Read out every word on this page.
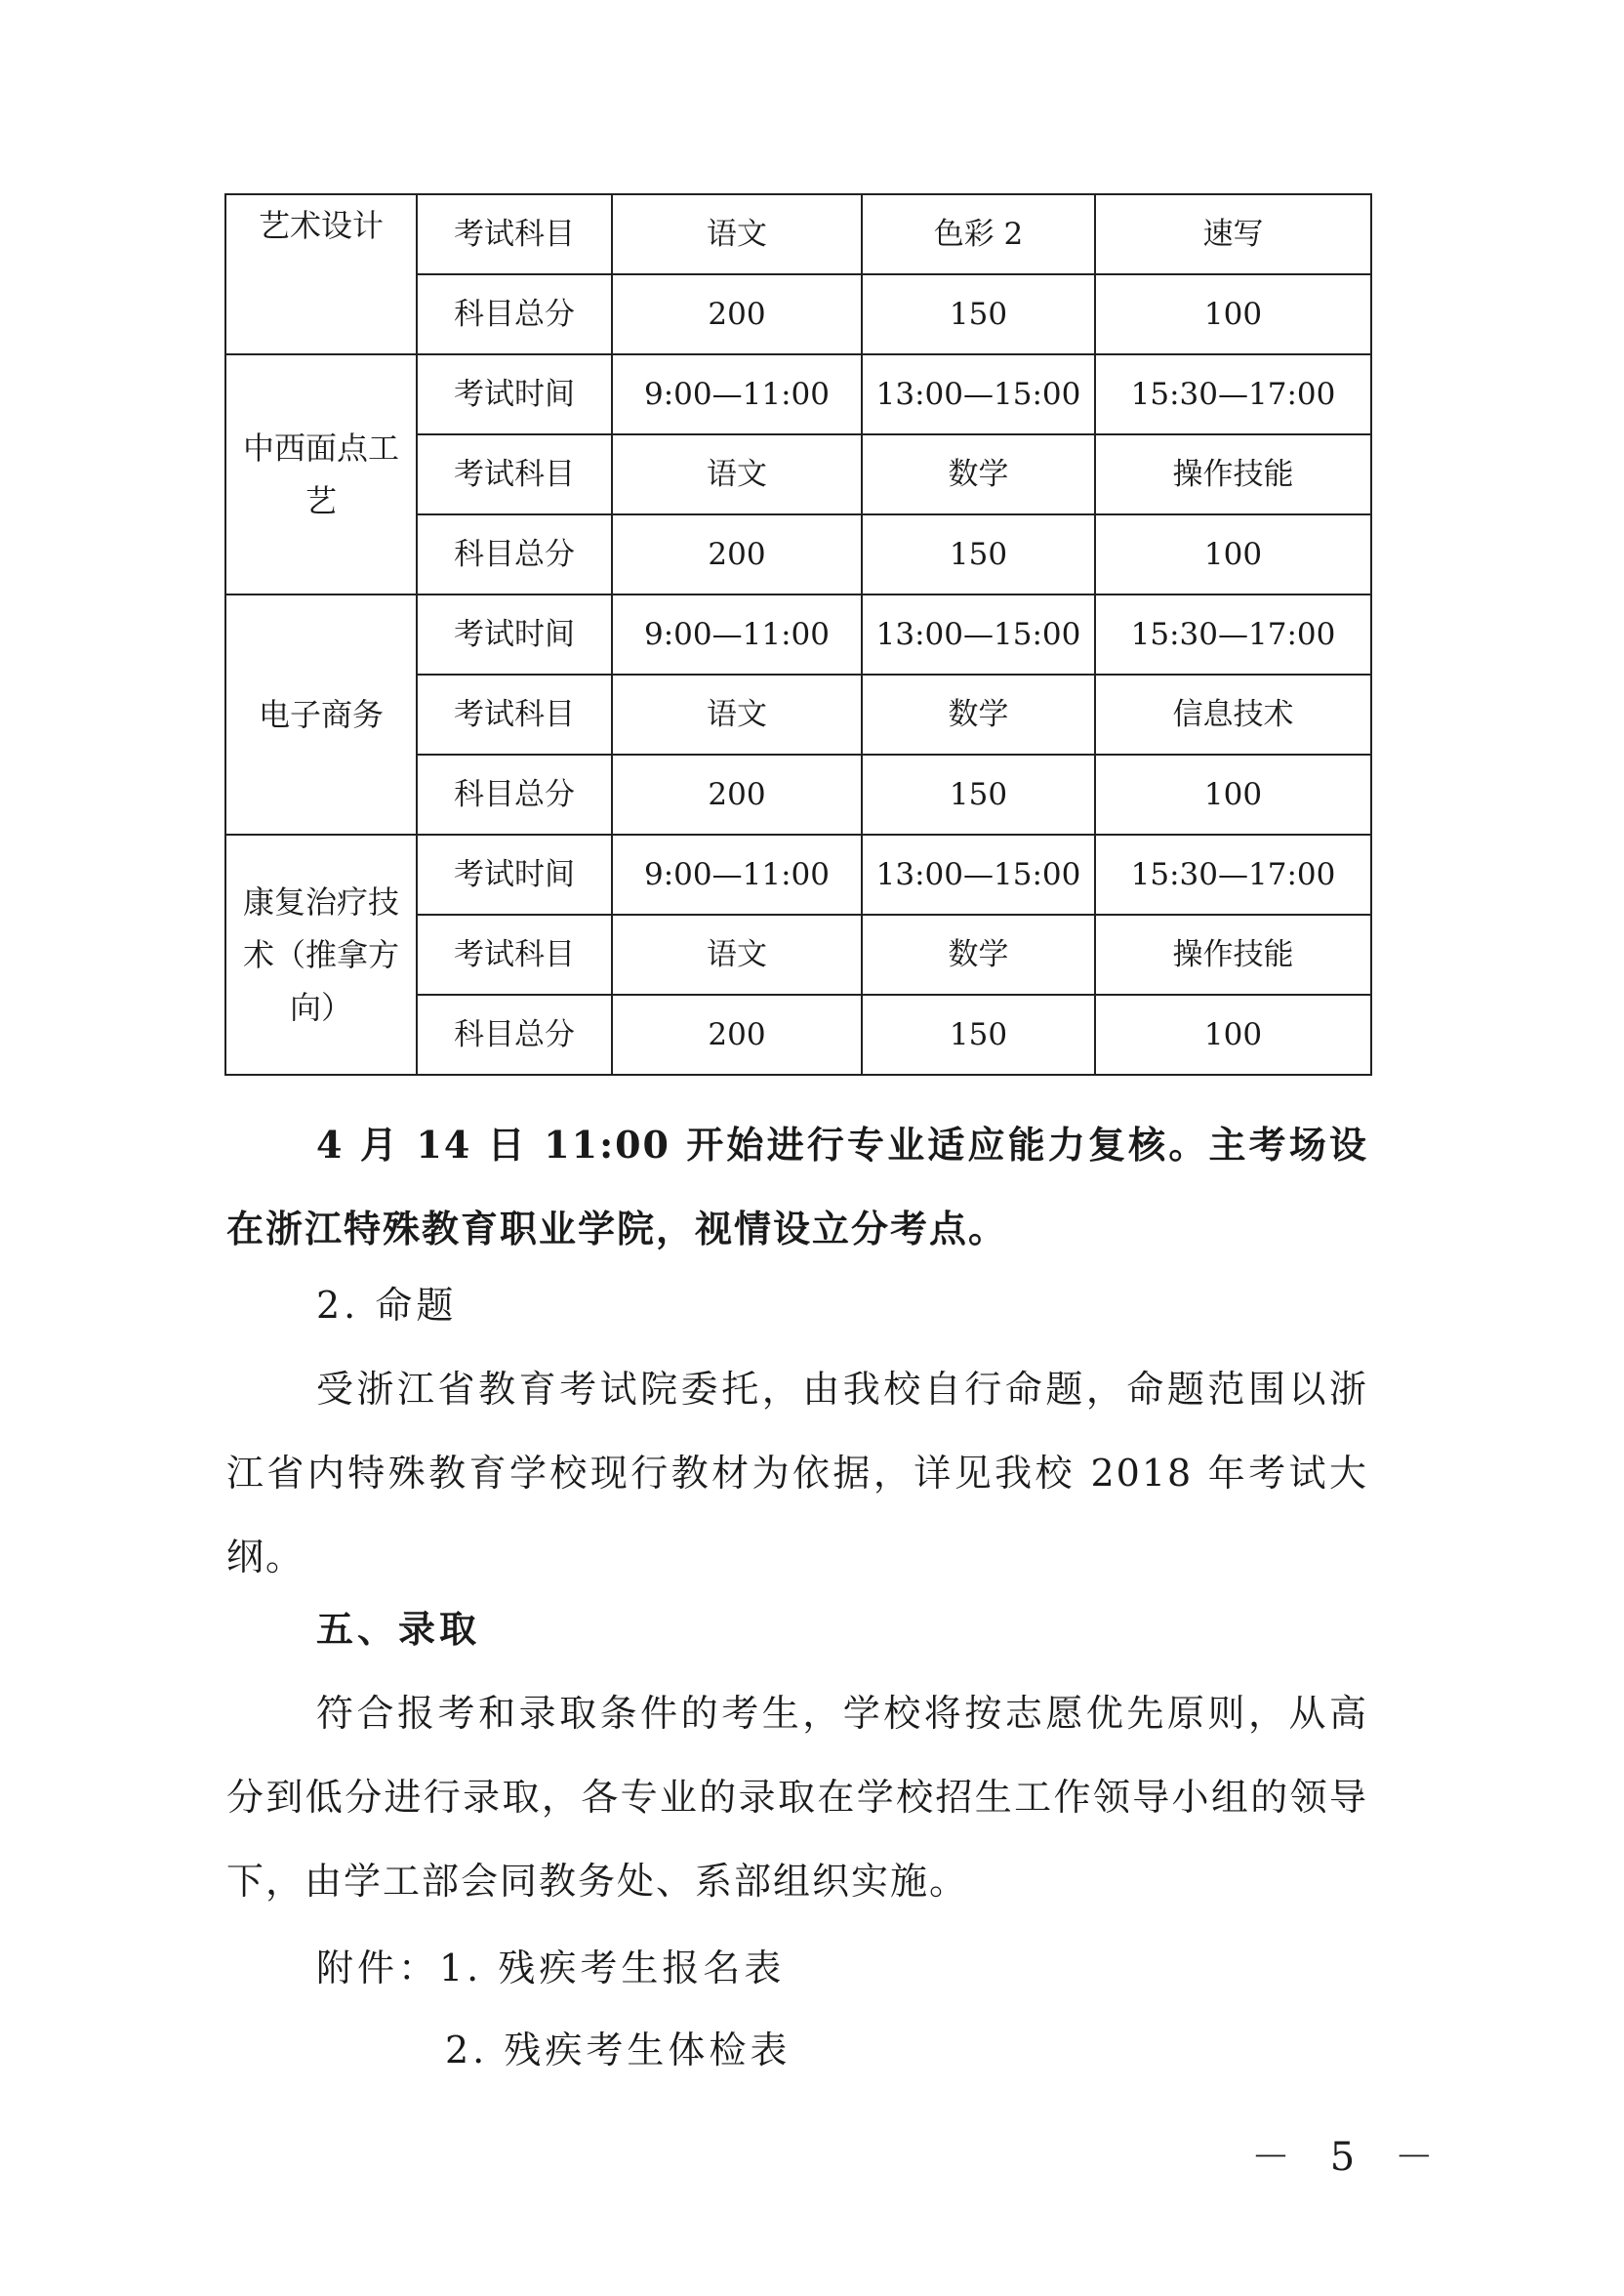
艺术设计	考试科目	语文	色彩 2	速写
	科目总分	200	150	100
中西面点工艺	考试时间	9:00—11:00	13:00—15:00	15:30—17:00
	考试科目	语文	数学	操作技能
	科目总分	200	150	100
电子商务	考试时间	9:00—11:00	13:00—15:00	15:30—17:00
	考试科目	语文	数学	信息技术
	科目总分	200	150	100
康复治疗技术（推拿方向）	考试时间	9:00—11:00	13:00—15:00	15:30—17:00
	考试科目	语文	数学	操作技能
	科目总分	200	150	100

4 月 14 日 11:00 开始进行专业适应能力复核。主考场设在浙江特殊教育职业学院，视情设立分考点。

2. 命题

受浙江省教育考试院委托，由我校自行命题，命题范围以浙江省内特殊教育学校现行教材为依据，详见我校 2018 年考试大纲。

五、录取

符合报考和录取条件的考生，学校将按志愿优先原则，从高分到低分进行录取，各专业的录取在学校招生工作领导小组的领导下，由学工部会同教务处、系部组织实施。

附件：1. 残疾考生报名表

2. 残疾考生体检表

－ 5 －
